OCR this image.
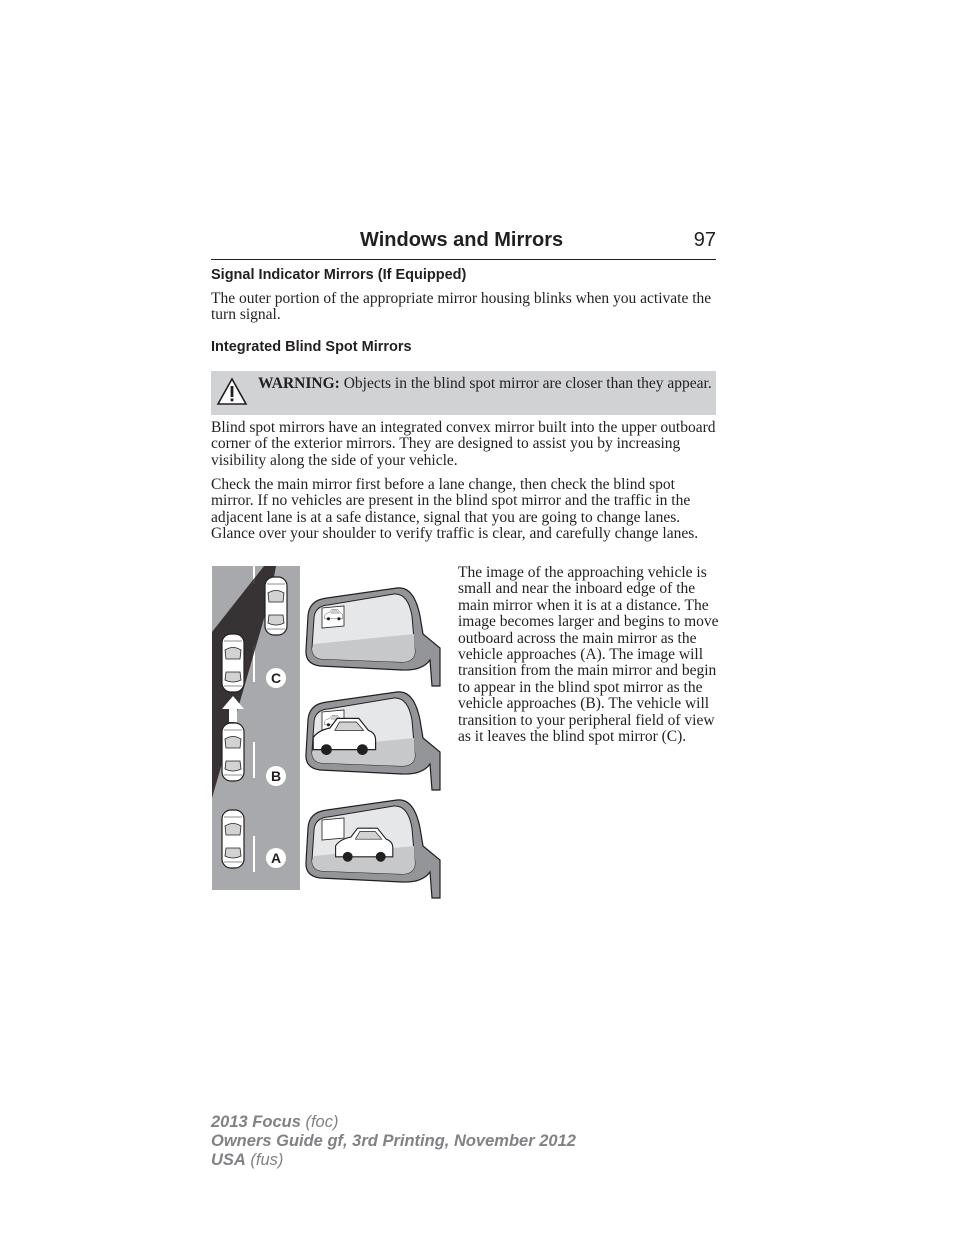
Windows and Mirrors	97
Signal Indicator Mirrors (If Equipped)

The outer portion of the appropriate mirror housing blinks when you activate the turn signal.

Integrated Blind Spot Mirrors
WARNING: Objects in the blind spot mirror are closer than they appear.

Blind spot mirrors have an integrated convex mirror built into the upper outboard corner of the exterior mirrors. They are designed to assist you by increasing visibility along the side of your vehicle.

Check the main mirror first before a lane change, then check the blind spot mirror. If no vehicles are present in the blind spot mirror and the traffic in the adjacent lane is at a safe distance, signal that you are going to change lanes. Glance over your shoulder to verify traffic is clear, and carefully change lanes.

C
B
A

The image of the approaching vehicle is small and near the inboard edge of the main mirror when it is at a distance. The image becomes larger and begins to move outboard across the main mirror as the vehicle approaches (A). The image will transition from the main mirror and begin to appear in the blind spot mirror as the vehicle approaches (B). The vehicle will transition to your peripheral field of view as it leaves the blind spot mirror (C).

2013 Focus (foc)
Owners Guide gf, 3rd Printing, November 2012
USA (fus)
